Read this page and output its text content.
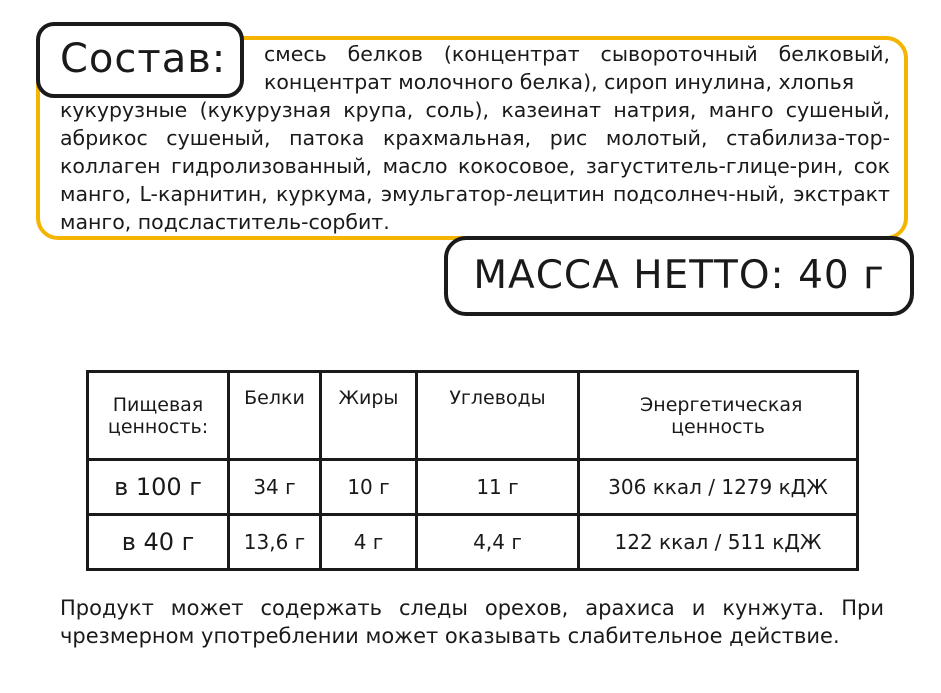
смесь белков (концентрат сывороточный белковый, концентрат молочного белка), сироп инулина, хлопья
кукурузные (кукурузная крупа, соль), казеинат натрия, манго сушеный, абрикос сушеный, патока крахмальная, рис молотый, стабилиза-тор-коллаген гидролизованный, масло кокосовое, загуститель-глице-рин, сок манго, L-карнитин, куркума, эмульгатор-лецитин подсолнеч-ный, экстракт манго, подсластитель-сорбит.
Состав:
МАССА НЕТТО: 40 г
Пищевая ценность:	Белки	Жиры	Углеводы	Энергетическая ценность
в 100 г	34 г	10 г	11 г	306 ккал / 1279 кДЖ
в 40 г	13,6 г	4 г	4,4 г	122 ккал / 511 кДЖ
Продукт может содержать следы орехов, арахиса и кунжута. При чрезмерном употреблении может оказывать слабительное действие.
